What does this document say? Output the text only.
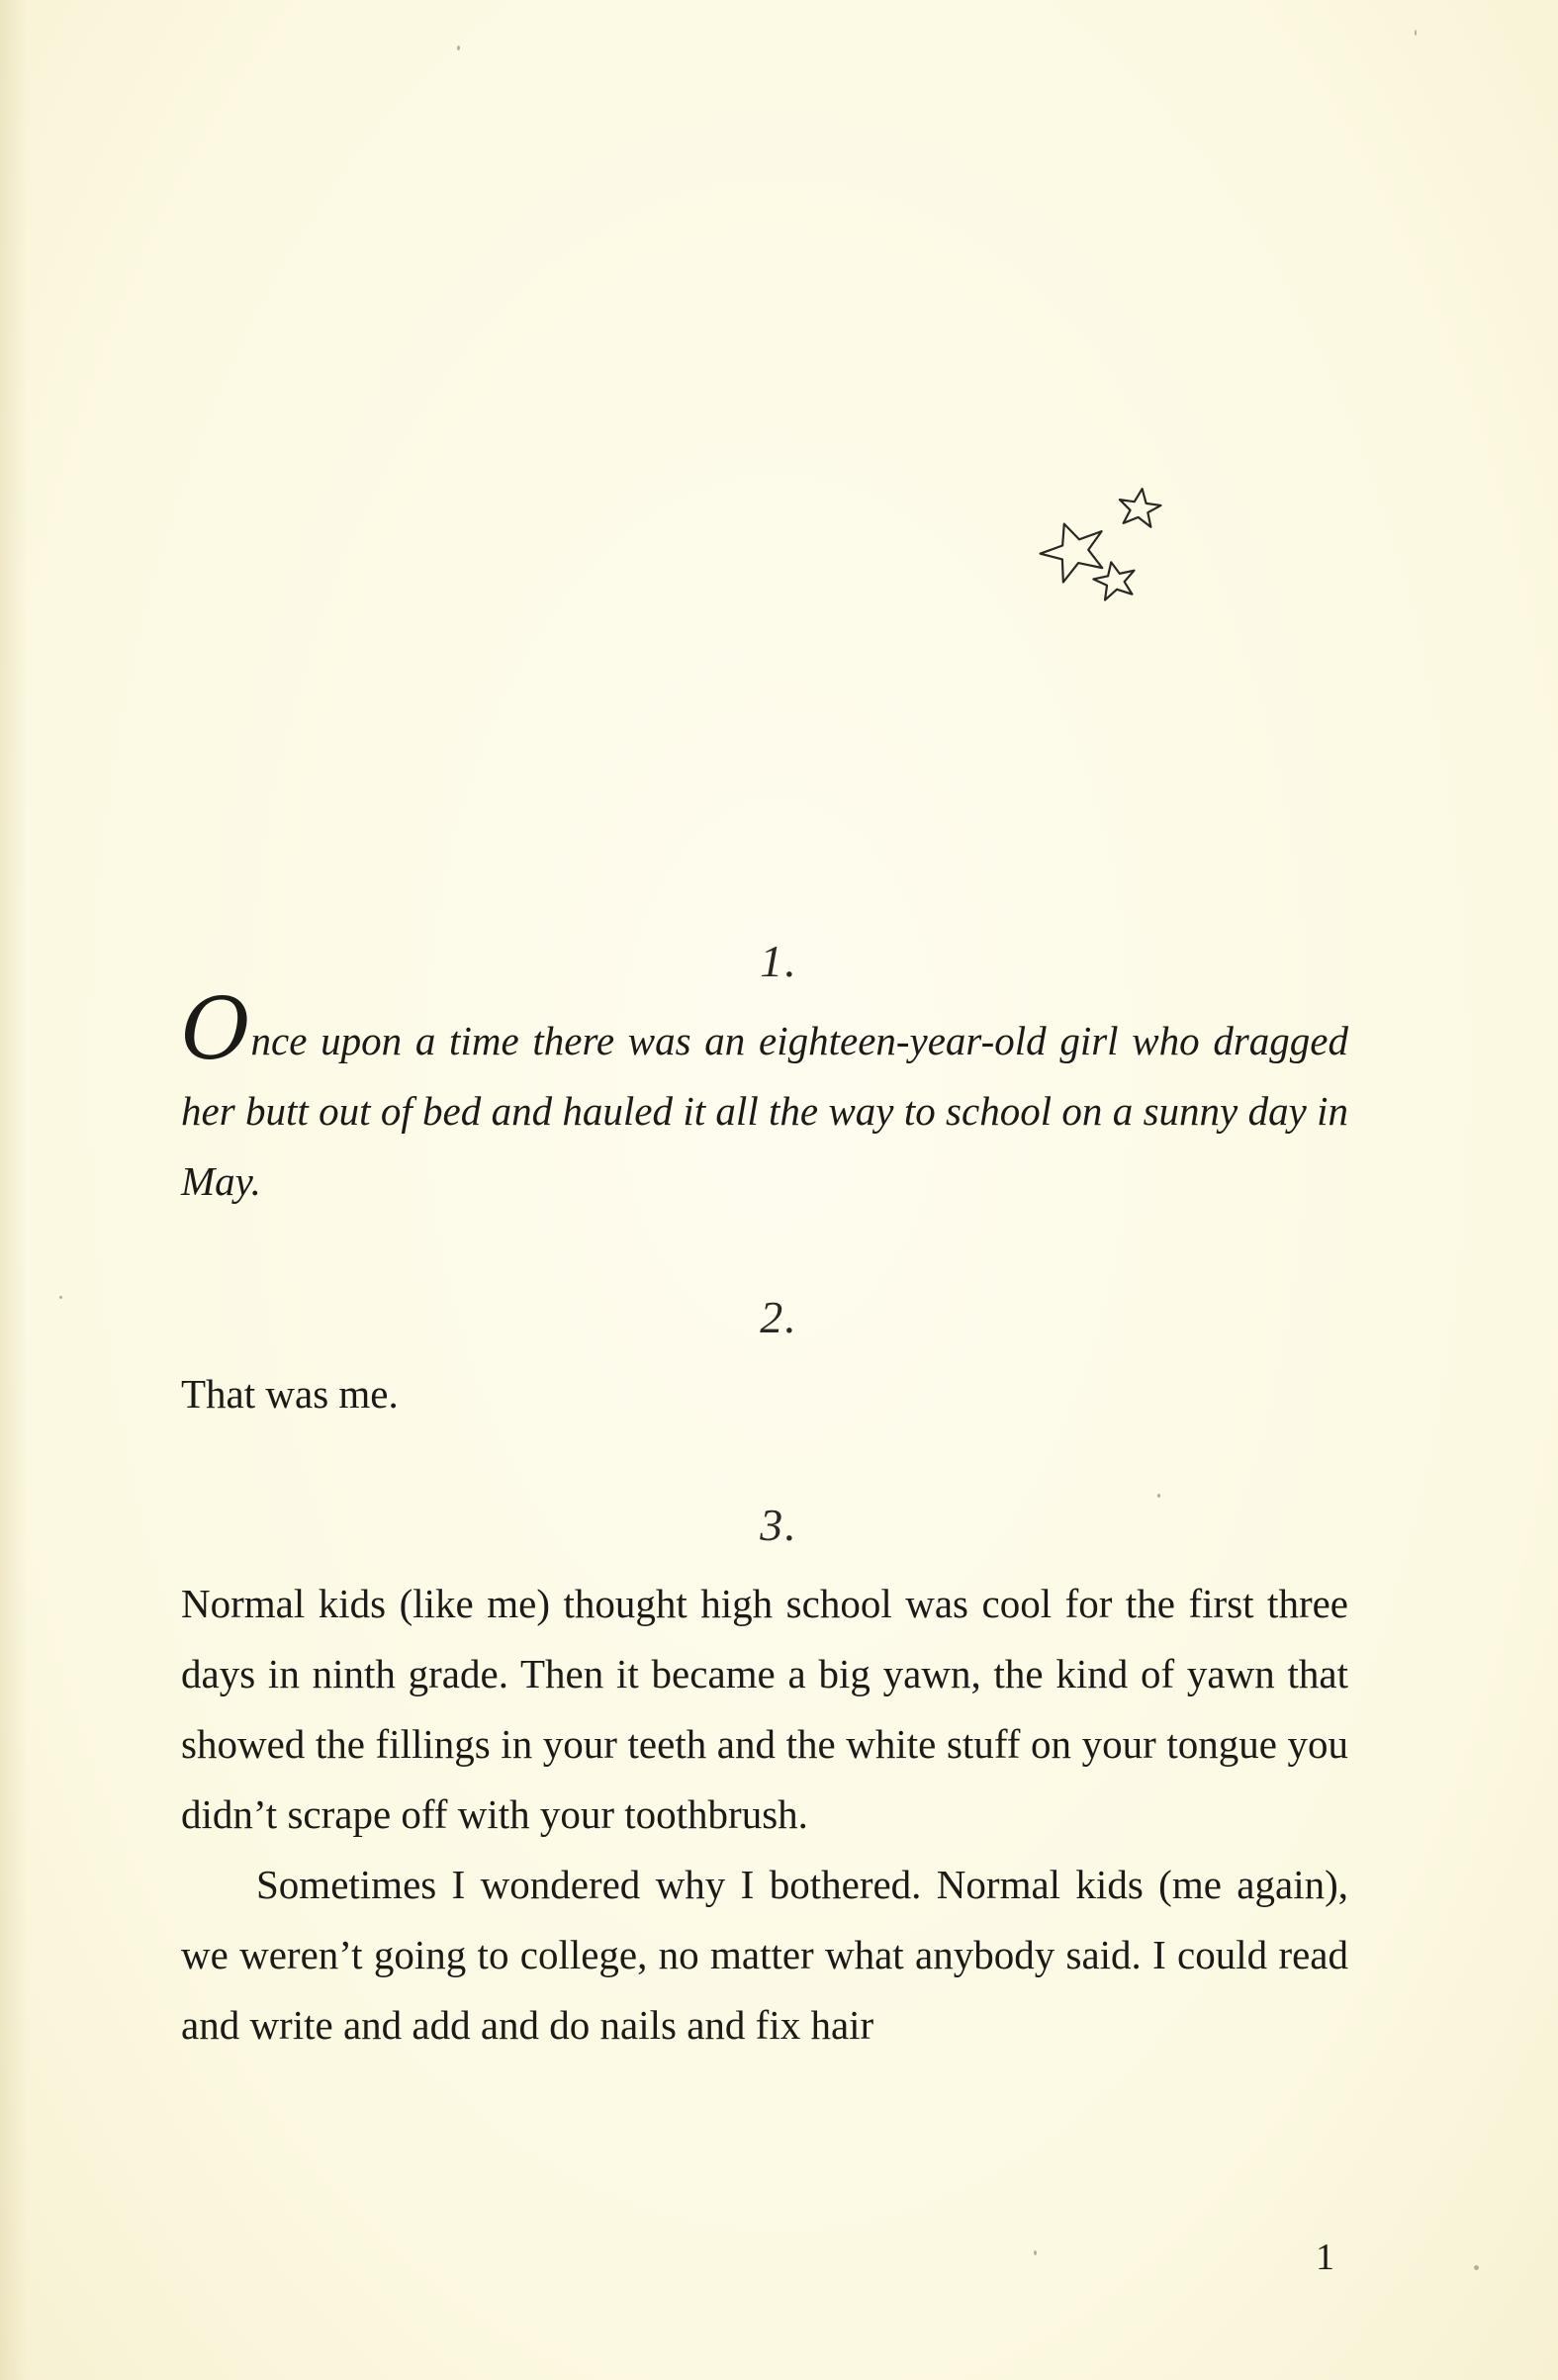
1.

Once upon a time there was an eighteen-year-old girl who dragged her butt out of bed and hauled it all the way to school on a sunny day in May.

2.

That was me.

3.

Normal kids (like me) thought high school was cool for the first three days in ninth grade. Then it became a big yawn, the kind of yawn that showed the fillings in your teeth and the white stuff on your tongue you didn’t scrape off with your toothbrush.

Sometimes I wondered why I bothered. Normal kids (me again), we weren’t going to college, no matter what anybody said. I could read and write and add and do nails and fix hair

1
